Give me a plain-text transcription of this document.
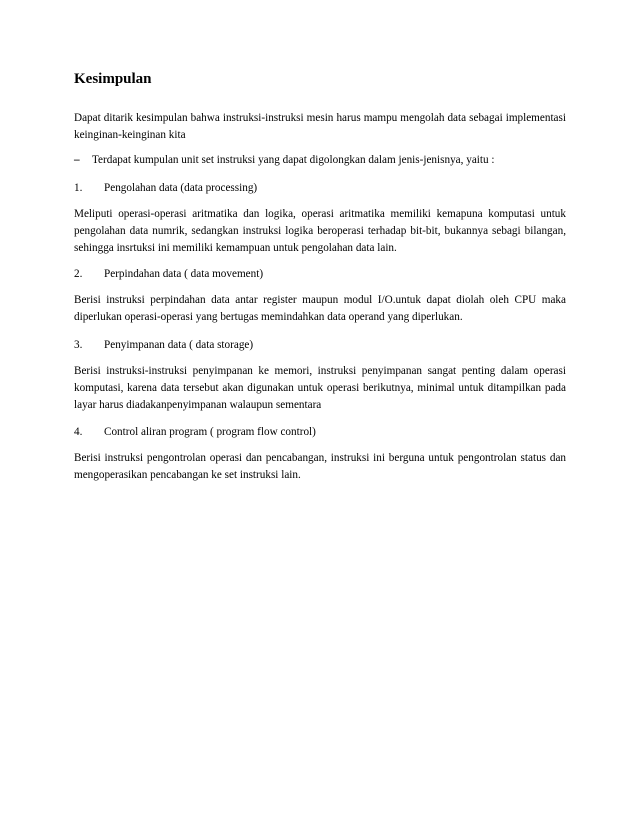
Kesimpulan

Dapat ditarik kesimpulan bahwa instruksi-instruksi mesin harus mampu mengolah data sebagai implementasi keinginan-keinginan kita

– Terdapat kumpulan unit set instruksi yang dapat digolongkan dalam jenis-jenisnya, yaitu :
1. Pengolahan data (data processing)

Meliputi operasi-operasi aritmatika dan logika, operasi aritmatika memiliki kemapuna komputasi untuk pengolahan data numrik, sedangkan instruksi logika beroperasi terhadap bit-bit, bukannya sebagi bilangan, sehingga insrtuksi ini memiliki kemampuan untuk pengolahan data lain.

2. Perpindahan data ( data movement)

Berisi instruksi perpindahan data antar register maupun modul I/O.untuk dapat diolah oleh CPU maka diperlukan operasi-operasi yang bertugas memindahkan data operand yang diperlukan.

3. Penyimpanan data ( data storage)

Berisi instruksi-instruksi penyimpanan ke memori, instruksi penyimpanan sangat penting dalam operasi komputasi, karena data tersebut akan digunakan untuk operasi berikutnya, minimal untuk ditampilkan pada layar harus diadakanpenyimpanan walaupun sementara

4. Control aliran program ( program flow control)

Berisi instruksi pengontrolan operasi dan pencabangan, instruksi ini berguna untuk pengontrolan status dan mengoperasikan pencabangan ke set instruksi lain.
